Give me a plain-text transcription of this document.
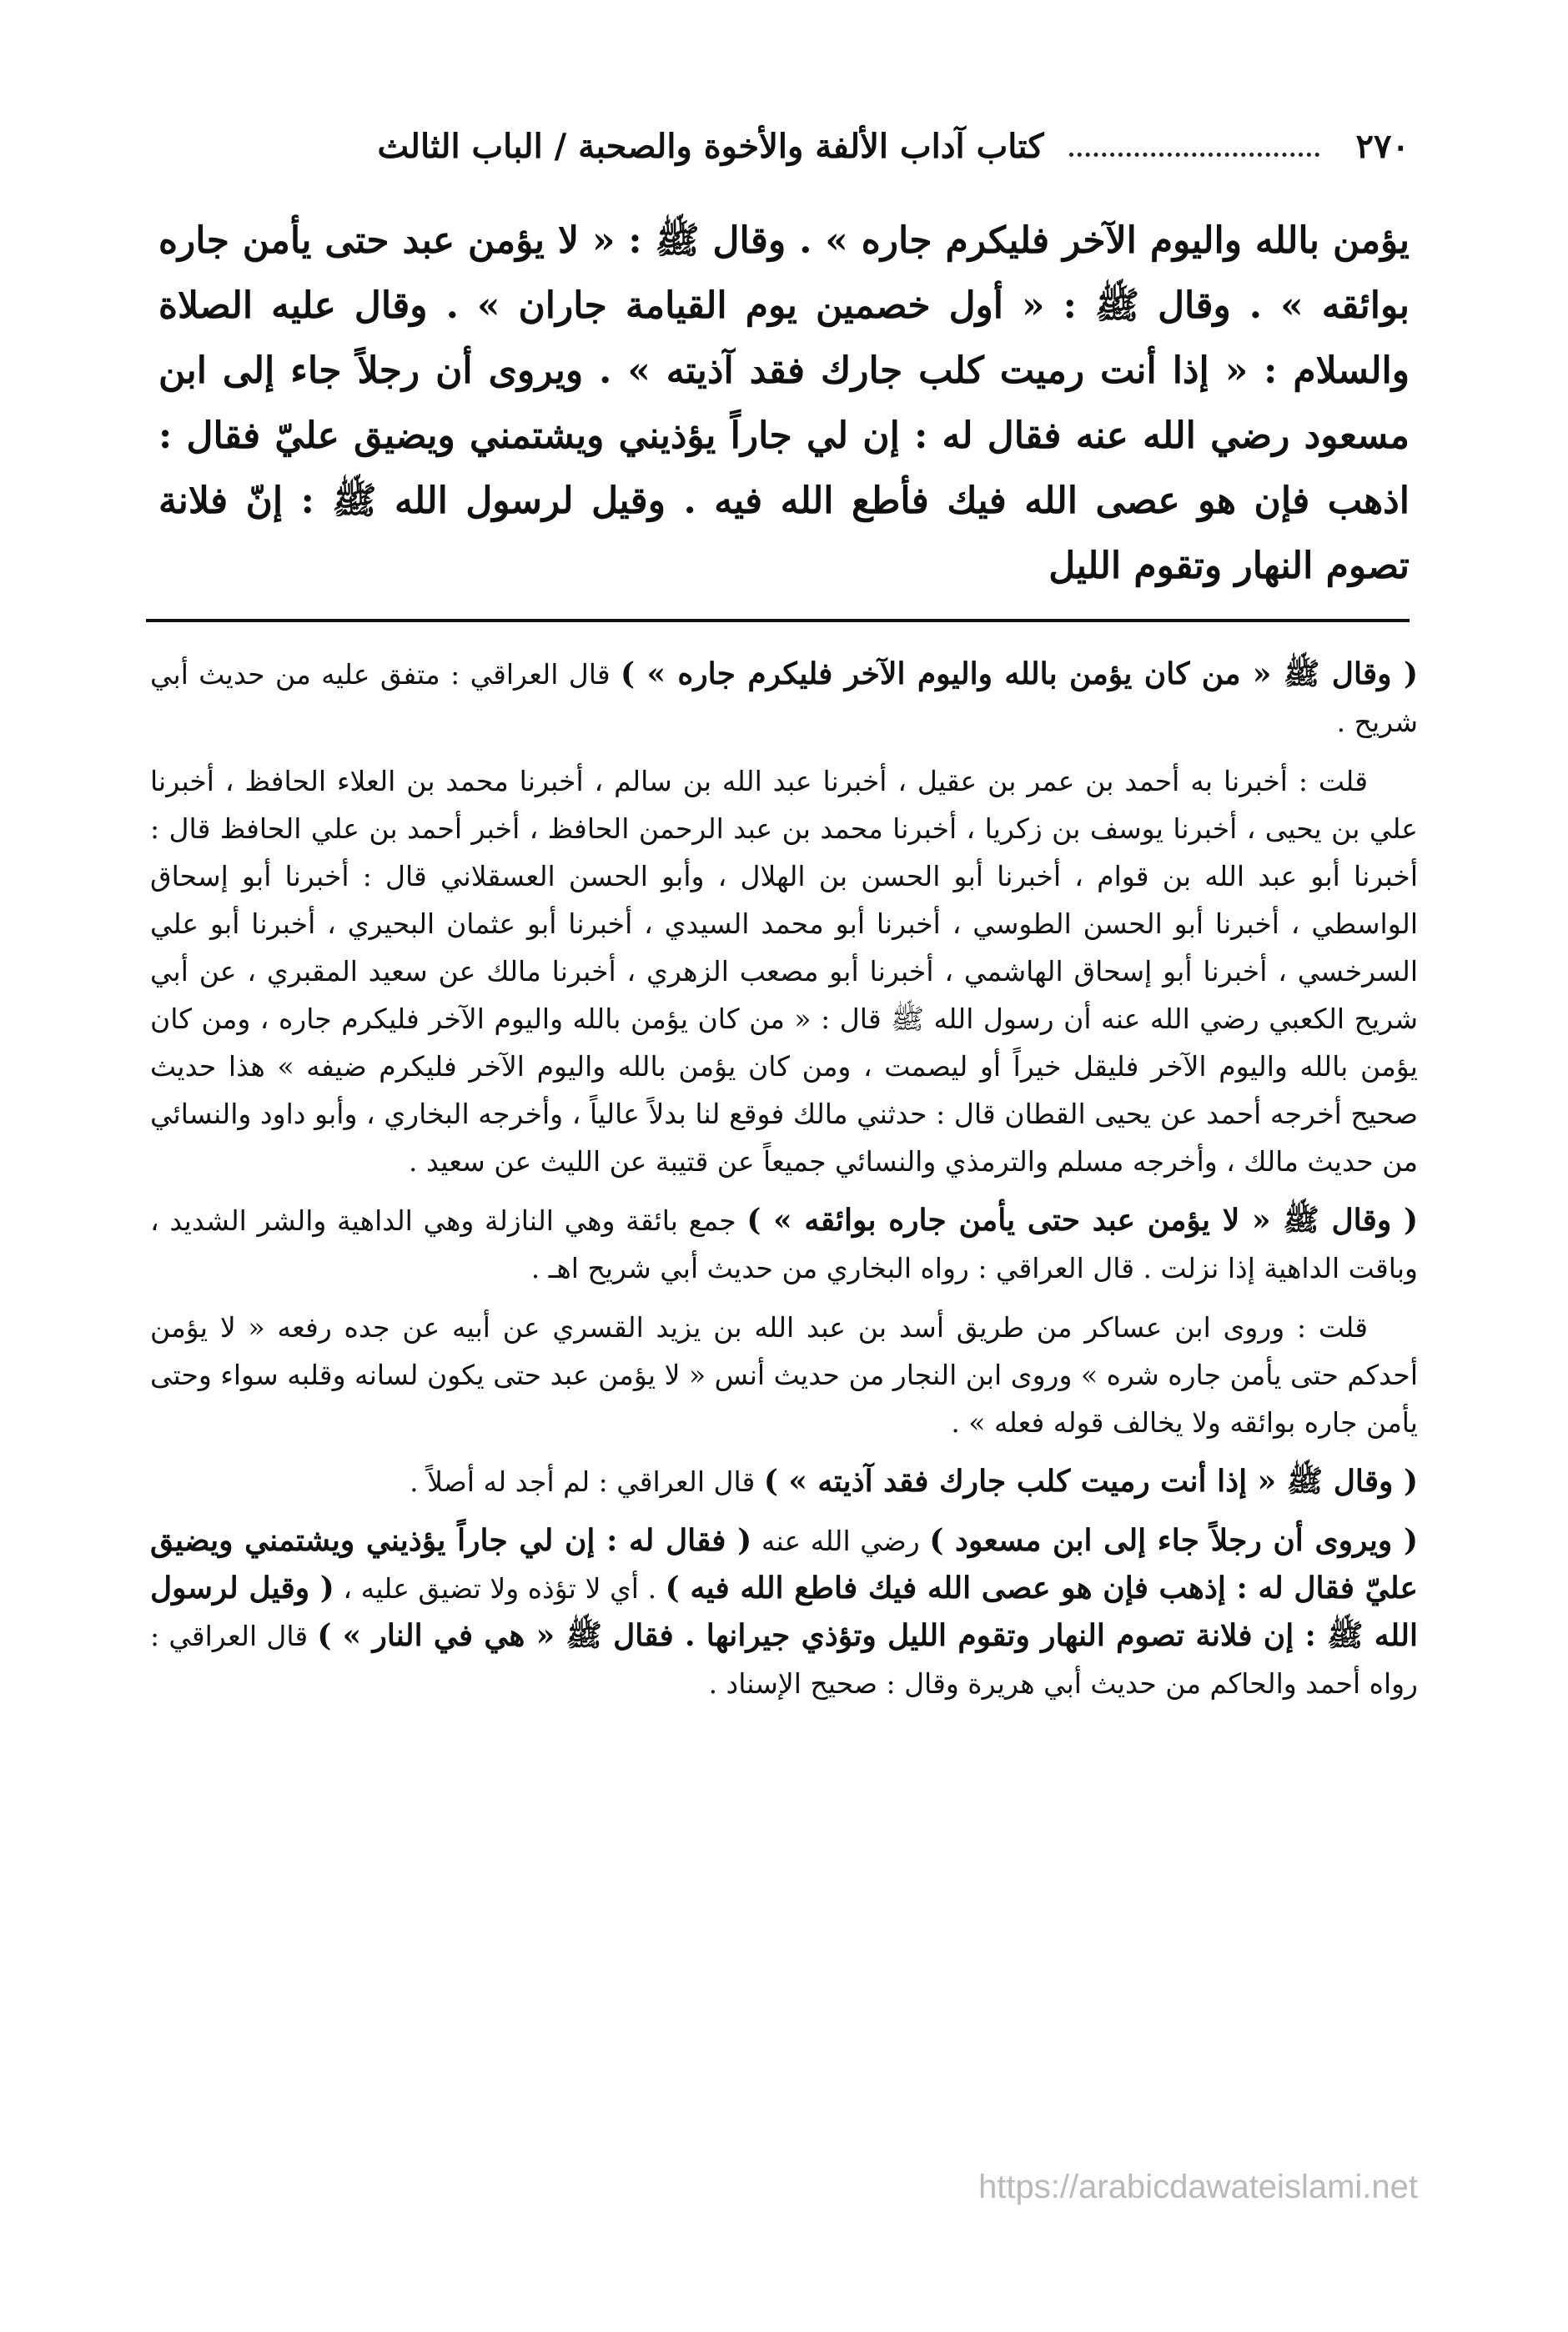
٢٧٠
كتاب آداب الألفة والأخوة والصحبة / الباب الثالث

يؤمن بالله واليوم الآخر فليكرم جاره » . وقال ﷺ : « لا يؤمن عبد حتى يأمن جاره بوائقه » . وقال ﷺ : « أول خصمين يوم القيامة جاران » . وقال عليه الصلاة والسلام : « إذا أنت رميت كلب جارك فقد آذيته » . ويروى أن رجلاً جاء إلى ابن مسعود رضي الله عنه فقال له : إن لي جاراً يؤذيني ويشتمني ويضيق عليّ فقال : اذهب فإن هو عصى الله فيك فأطع الله فيه . وقيل لرسول الله ﷺ : إنّ فلانة تصوم النهار وتقوم الليل

( وقال ﷺ « من كان يؤمن بالله واليوم الآخر فليكرم جاره » ) قال العراقي : متفق عليه من حديث أبي شريح .

قلت : أخبرنا به أحمد بن عمر بن عقيل ، أخبرنا عبد الله بن سالم ، أخبرنا محمد بن العلاء الحافظ ، أخبرنا علي بن يحيى ، أخبرنا يوسف بن زكريا ، أخبرنا محمد بن عبد الرحمن الحافظ ، أخبر أحمد بن علي الحافظ قال : أخبرنا أبو عبد الله بن قوام ، أخبرنا أبو الحسن بن الهلال ، وأبو الحسن العسقلاني قال : أخبرنا أبو إسحاق الواسطي ، أخبرنا أبو الحسن الطوسي ، أخبرنا أبو محمد السيدي ، أخبرنا أبو عثمان البحيري ، أخبرنا أبو علي السرخسي ، أخبرنا أبو إسحاق الهاشمي ، أخبرنا أبو مصعب الزهري ، أخبرنا مالك عن سعيد المقبري ، عن أبي شريح الكعبي رضي الله عنه أن رسول الله ﷺ قال : « من كان يؤمن بالله واليوم الآخر فليكرم جاره ، ومن كان يؤمن بالله واليوم الآخر فليقل خيراً أو ليصمت ، ومن كان يؤمن بالله واليوم الآخر فليكرم ضيفه » هذا حديث صحيح أخرجه أحمد عن يحيى القطان قال : حدثني مالك فوقع لنا بدلاً عالياً ، وأخرجه البخاري ، وأبو داود والنسائي من حديث مالك ، وأخرجه مسلم والترمذي والنسائي جميعاً عن قتيبة عن الليث عن سعيد .

( وقال ﷺ « لا يؤمن عبد حتى يأمن جاره بوائقه » ) جمع بائقة وهي النازلة وهي الداهية والشر الشديد ، وباقت الداهية إذا نزلت . قال العراقي : رواه البخاري من حديث أبي شريح اهـ .

قلت : وروى ابن عساكر من طريق أسد بن عبد الله بن يزيد القسري عن أبيه عن جده رفعه « لا يؤمن أحدكم حتى يأمن جاره شره » وروى ابن النجار من حديث أنس « لا يؤمن عبد حتى يكون لسانه وقلبه سواء وحتى يأمن جاره بوائقه ولا يخالف قوله فعله » .

( وقال ﷺ « إذا أنت رميت كلب جارك فقد آذيته » ) قال العراقي : لم أجد له أصلاً .

( ويروى أن رجلاً جاء إلى ابن مسعود ) رضي الله عنه ( فقال له : إن لي جاراً يؤذيني ويشتمني ويضيق عليّ فقال له : إذهب فإن هو عصى الله فيك فاطع الله فيه ) . أي لا تؤذه ولا تضيق عليه ، ( وقيل لرسول الله ﷺ : إن فلانة تصوم النهار وتقوم الليل وتؤذي جيرانها . فقال ﷺ « هي في النار » ) قال العراقي : رواه أحمد والحاكم من حديث أبي هريرة وقال : صحيح الإسناد .

https://arabicdawateislami.net
